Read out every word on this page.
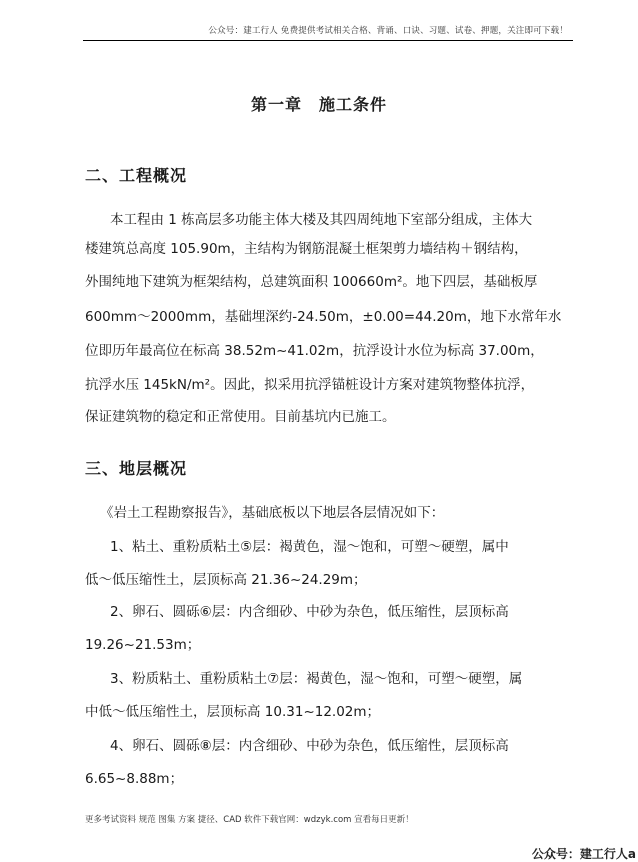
公众号：建工行人 免费提供考试相关合格、背诵、口诀、习题、试卷、押题，关注即可下载！
第一章　施工条件
二、工程概况
本工程由 1 栋高层多功能主体大楼及其四周纯地下室部分组成，主体大
楼建筑总高度 105.90m，主结构为钢筋混凝土框架剪力墙结构＋钢结构，
外围纯地下建筑为框架结构，总建筑面积 100660m²。地下四层，基础板厚
600mm～2000mm，基础埋深约-24.50m，±0.00=44.20m，地下水常年水
位即历年最高位在标高 38.52m~41.02m，抗浮设计水位为标高 37.00m，
抗浮水压 145kN/m²。因此，拟采用抗浮锚桩设计方案对建筑物整体抗浮，
保证建筑物的稳定和正常使用。目前基坑内已施工。
三、地层概况
《岩土工程勘察报告》，基础底板以下地层各层情况如下：
1、粘土、重粉质粘土⑤层：褐黄色，湿～饱和，可塑～硬塑，属中
低～低压缩性土，层顶标高 21.36~24.29m；
2、卵石、圆砾⑥层：内含细砂、中砂为杂色，低压缩性，层顶标高
19.26~21.53m；
3、粉质粘土、重粉质粘土⑦层：褐黄色，湿～饱和，可塑～硬塑，属
中低～低压缩性土，层顶标高 10.31~12.02m；
4、卵石、圆砾⑧层：内含细砂、中砂为杂色，低压缩性，层顶标高
6.65~8.88m；
更多考试资料 规范 图集 方案 捷径、CAD 软件下载官网：wdzyk.com 宣看每日更新！
公众号：建工行人a
